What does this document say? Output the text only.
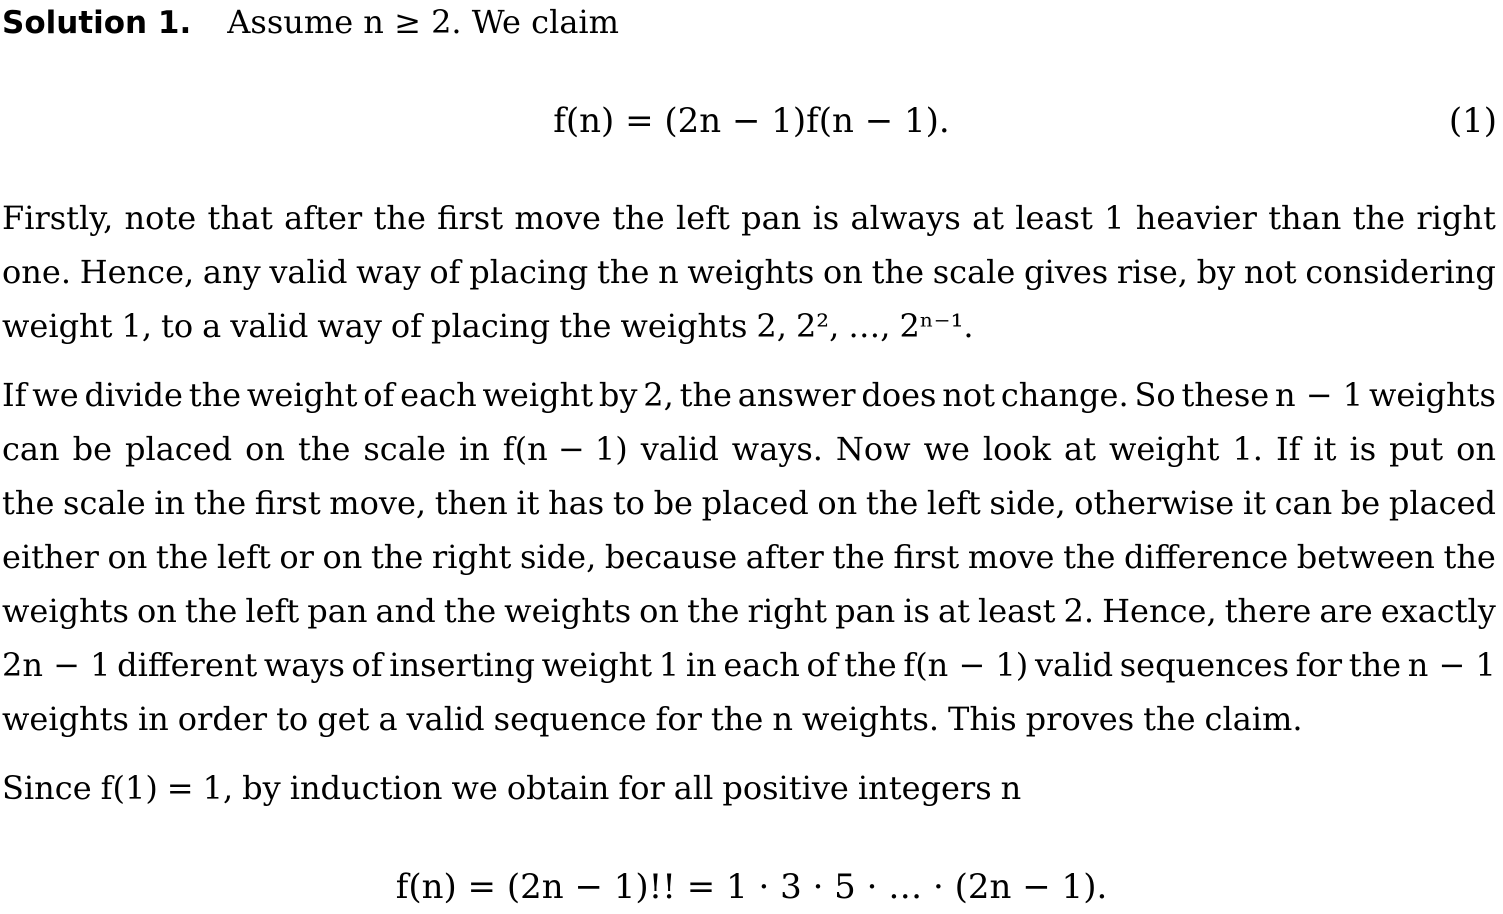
Solution 1. Assume n ≥ 2. We claim
f(n) = (2n − 1)f(n − 1).	(1)
Firstly, note that after the first move the left pan is always at least 1 heavier than the right
one. Hence, any valid way of placing the n weights on the scale gives rise, by not considering
weight 1, to a valid way of placing the weights 2, 2², …, 2ⁿ⁻¹.
If we divide the weight of each weight by 2, the answer does not change. So these n − 1 weights
can be placed on the scale in f(n − 1) valid ways. Now we look at weight 1. If it is put on
the scale in the first move, then it has to be placed on the left side, otherwise it can be placed
either on the left or on the right side, because after the first move the difference between the
weights on the left pan and the weights on the right pan is at least 2. Hence, there are exactly
2n − 1 different ways of inserting weight 1 in each of the f(n − 1) valid sequences for the n − 1
weights in order to get a valid sequence for the n weights. This proves the claim.
Since f(1) = 1, by induction we obtain for all positive integers n
f(n) = (2n − 1)!! = 1 · 3 · 5 · … · (2n − 1).
